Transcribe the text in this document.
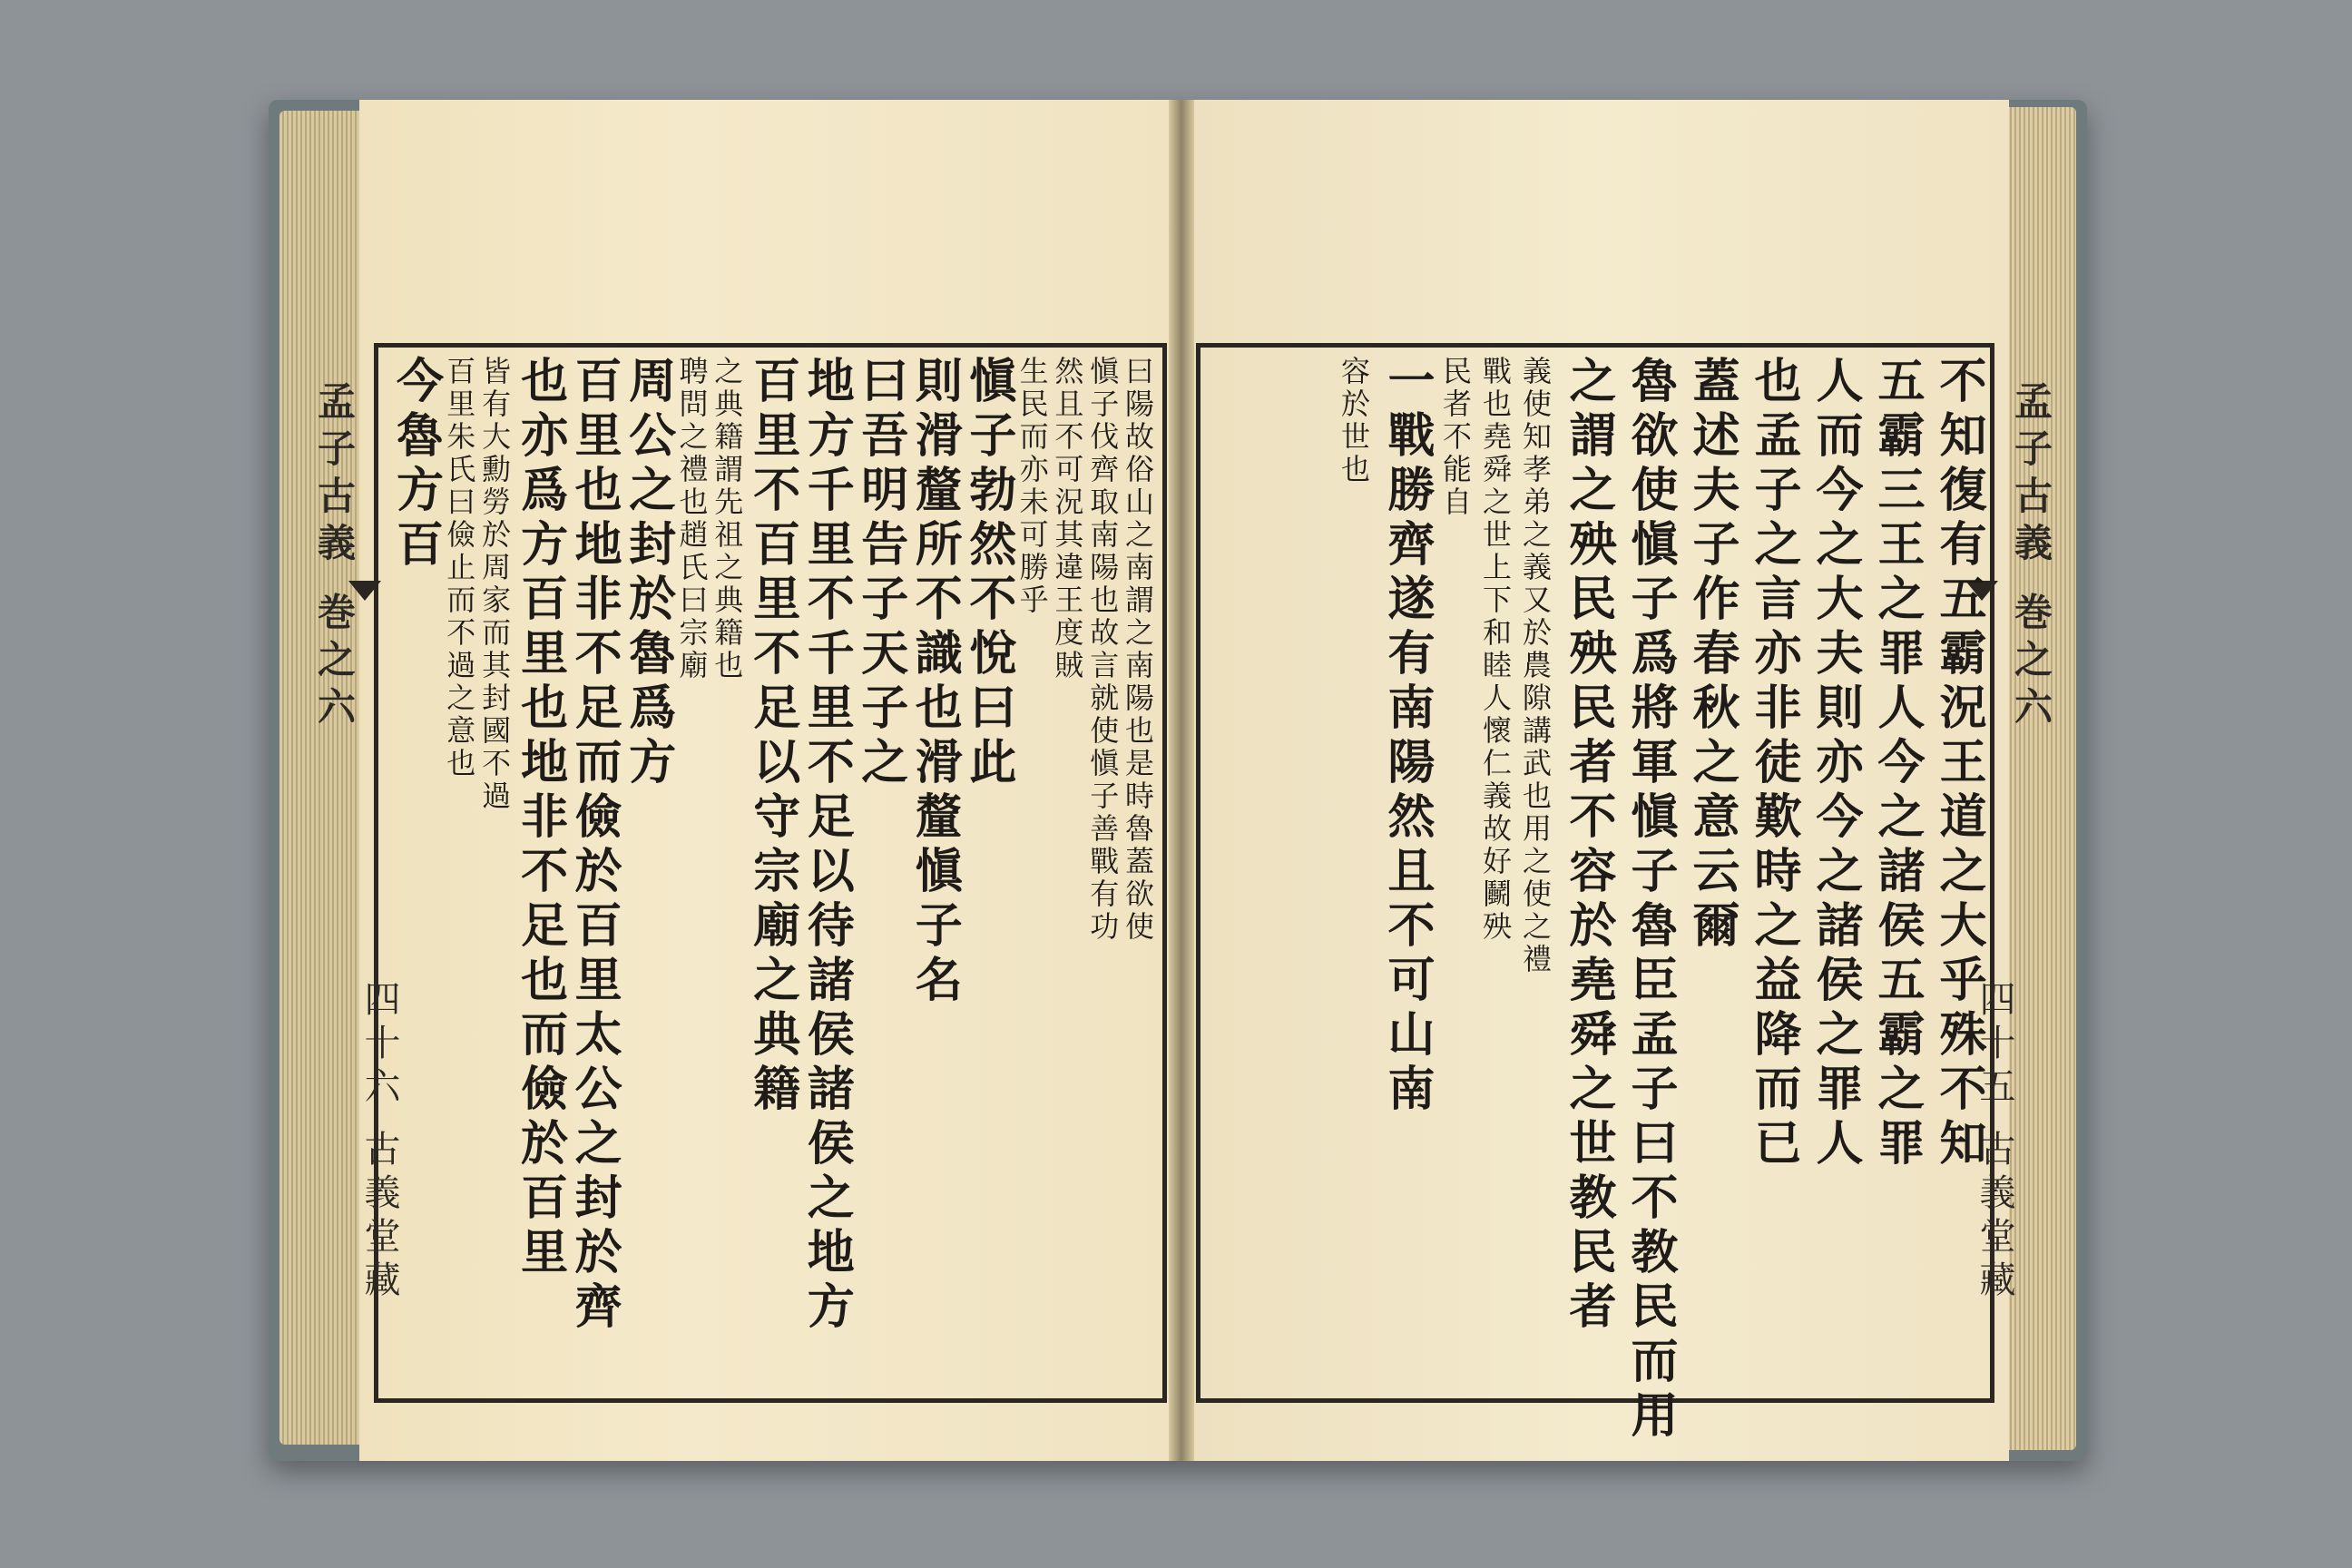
孟子古義 巻之六	孟子古義 巻之六
四十六 古義堂藏	四十五 古義堂藏
曰陽故俗山之南謂之南陽也是時魯蓋欲使
愼子伐齊取南陽也故言就使愼子善戰有功
然且不可況其違王度賊
生民而亦未可勝乎
愼子勃然不悅曰此
則滑釐所不識也滑釐愼子名
曰吾明告子天子之
地方千里不千里不足以待諸侯諸侯之地方
百里不百里不足以守宗廟之典籍
之典籍謂先祖之典籍也
聘問之禮也趙氏曰宗廟
周公之封於魯爲方
百里也地非不足而儉於百里太公之封於齊
也亦爲方百里也地非不足也而儉於百里
皆有大勳勞於周家而其封國不過
百里朱氏曰儉止而不過之意也
今魯方百	不知復有五霸況王道之大乎殊不知
五霸三王之罪人今之諸侯五霸之罪
人而今之大夫則亦今之諸侯之罪人
也孟子之言亦非徒歎時之益降而已
蓋述夫子作春秋之意云爾
魯欲使愼子爲將軍愼子魯臣孟子曰不教民而用
之謂之殃民殃民者不容於堯舜之世教民者
義使知孝弟之義又於農隙講武也用之使之禮
戰也堯舜之世上下和睦人懷仁義故好鬭殃
民者不能自
一戰勝齊遂有南陽然且不可山南
容於世也
